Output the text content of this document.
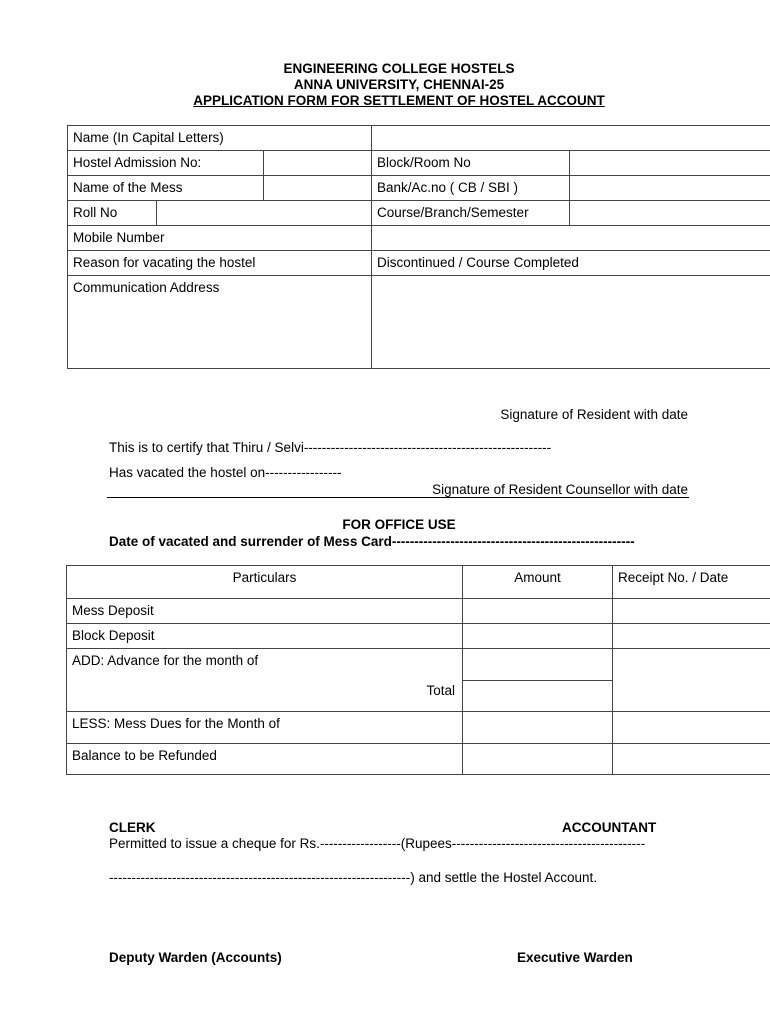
ENGINEERING COLLEGE HOSTELS
ANNA UNIVERSITY, CHENNAI-25
APPLICATION FORM FOR SETTLEMENT OF HOSTEL ACCOUNT
Name (In Capital Letters)
Hostel Admission No:	Block/Room No
Name of the Mess	Bank/Ac.no ( CB / SBI )
Roll No	Course/Branch/Semester
Mobile Number
Reason for vacating the hostel	Discontinued / Course Completed
Communication Address
Signature of Resident with date
This is to certify that Thiru / Selvi-------------------------------------------------------
Has vacated the hostel on-----------------
Signature of Resident Counsellor with date
FOR OFFICE USE
Date of vacated and surrender of Mess Card------------------------------------------------------
Particulars	Amount	Receipt No. / Date
Mess Deposit
Block Deposit
ADD: Advance for the month of
Total
LESS: Mess Dues for the Month of
Balance to be Refunded
CLERK	ACCOUNTANT
Permitted to issue a cheque for Rs.------------------(Rupees-------------------------------------------
-------------------------------------------------------------------) and settle the Hostel Account.
Deputy Warden (Accounts)	Executive Warden
